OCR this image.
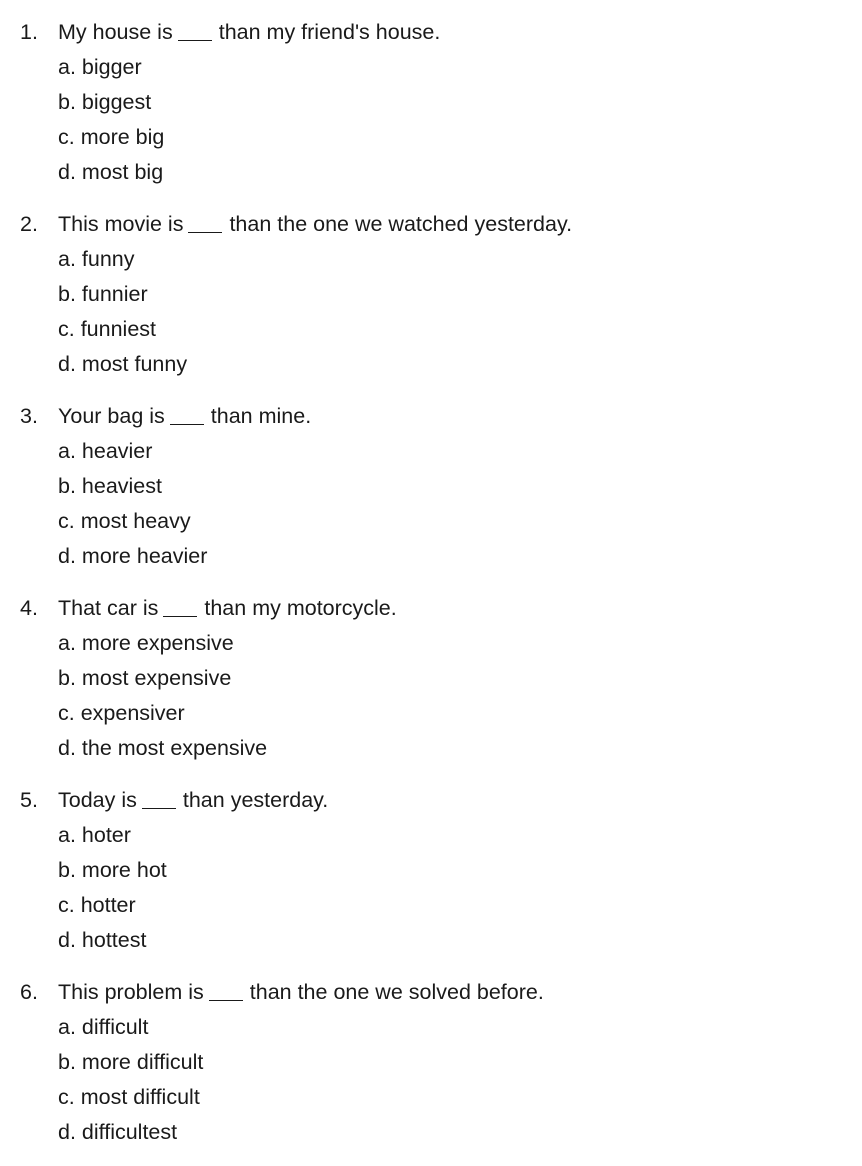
1. My house is than my friend's house.
a. bigger
b. biggest
c. more big
d. most big
2. This movie is than the one we watched yesterday.
a. funny
b. funnier
c. funniest
d. most funny
3. Your bag is than mine.
a. heavier
b. heaviest
c. most heavy
d. more heavier
4. That car is than my motorcycle.
a. more expensive
b. most expensive
c. expensiver
d. the most expensive
5. Today is than yesterday.
a. hoter
b. more hot
c. hotter
d. hottest
6. This problem is than the one we solved before.
a. difficult
b. more difficult
c. most difficult
d. difficultest
